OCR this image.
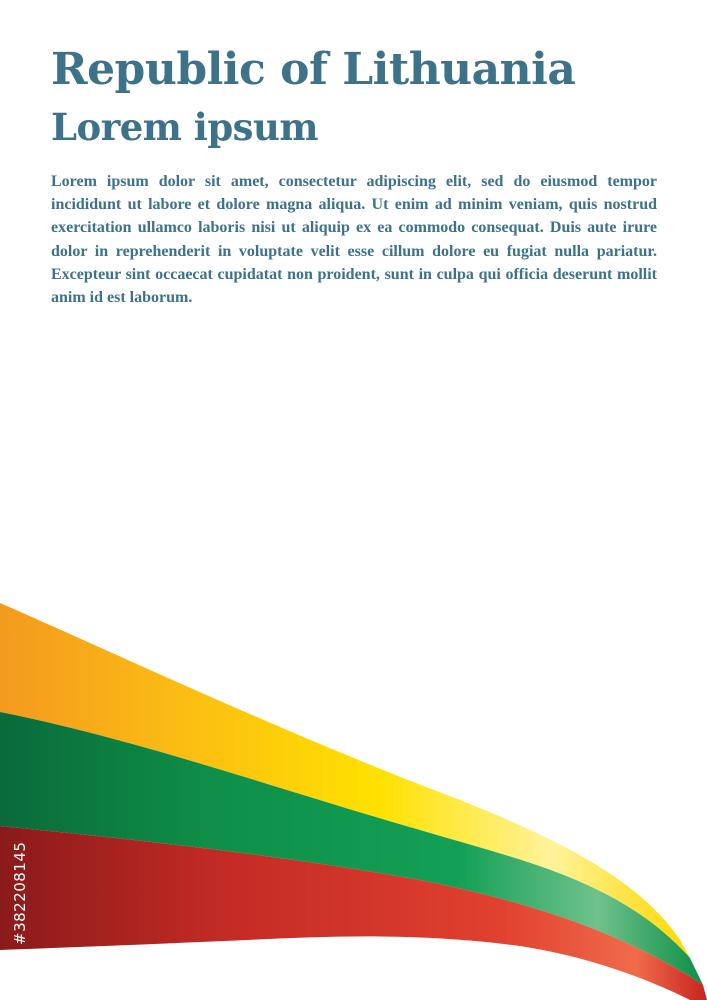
Republic of Lithuania
Lorem ipsum

Lorem ipsum dolor sit amet, consectetur adipiscing elit, sed do eiusmod tempor incididunt ut labore et dolore magna aliqua. Ut enim ad minim veniam, quis nostrud exercitation ullamco laboris nisi ut aliquip ex ea commodo consequat. Duis aute irure dolor in reprehenderit in voluptate velit esse cillum dolore eu fugiat nulla pariatur. Excepteur sint occaecat cupidatat non proident, sunt in culpa qui officia deserunt mollit anim id est laborum.

#382208145
